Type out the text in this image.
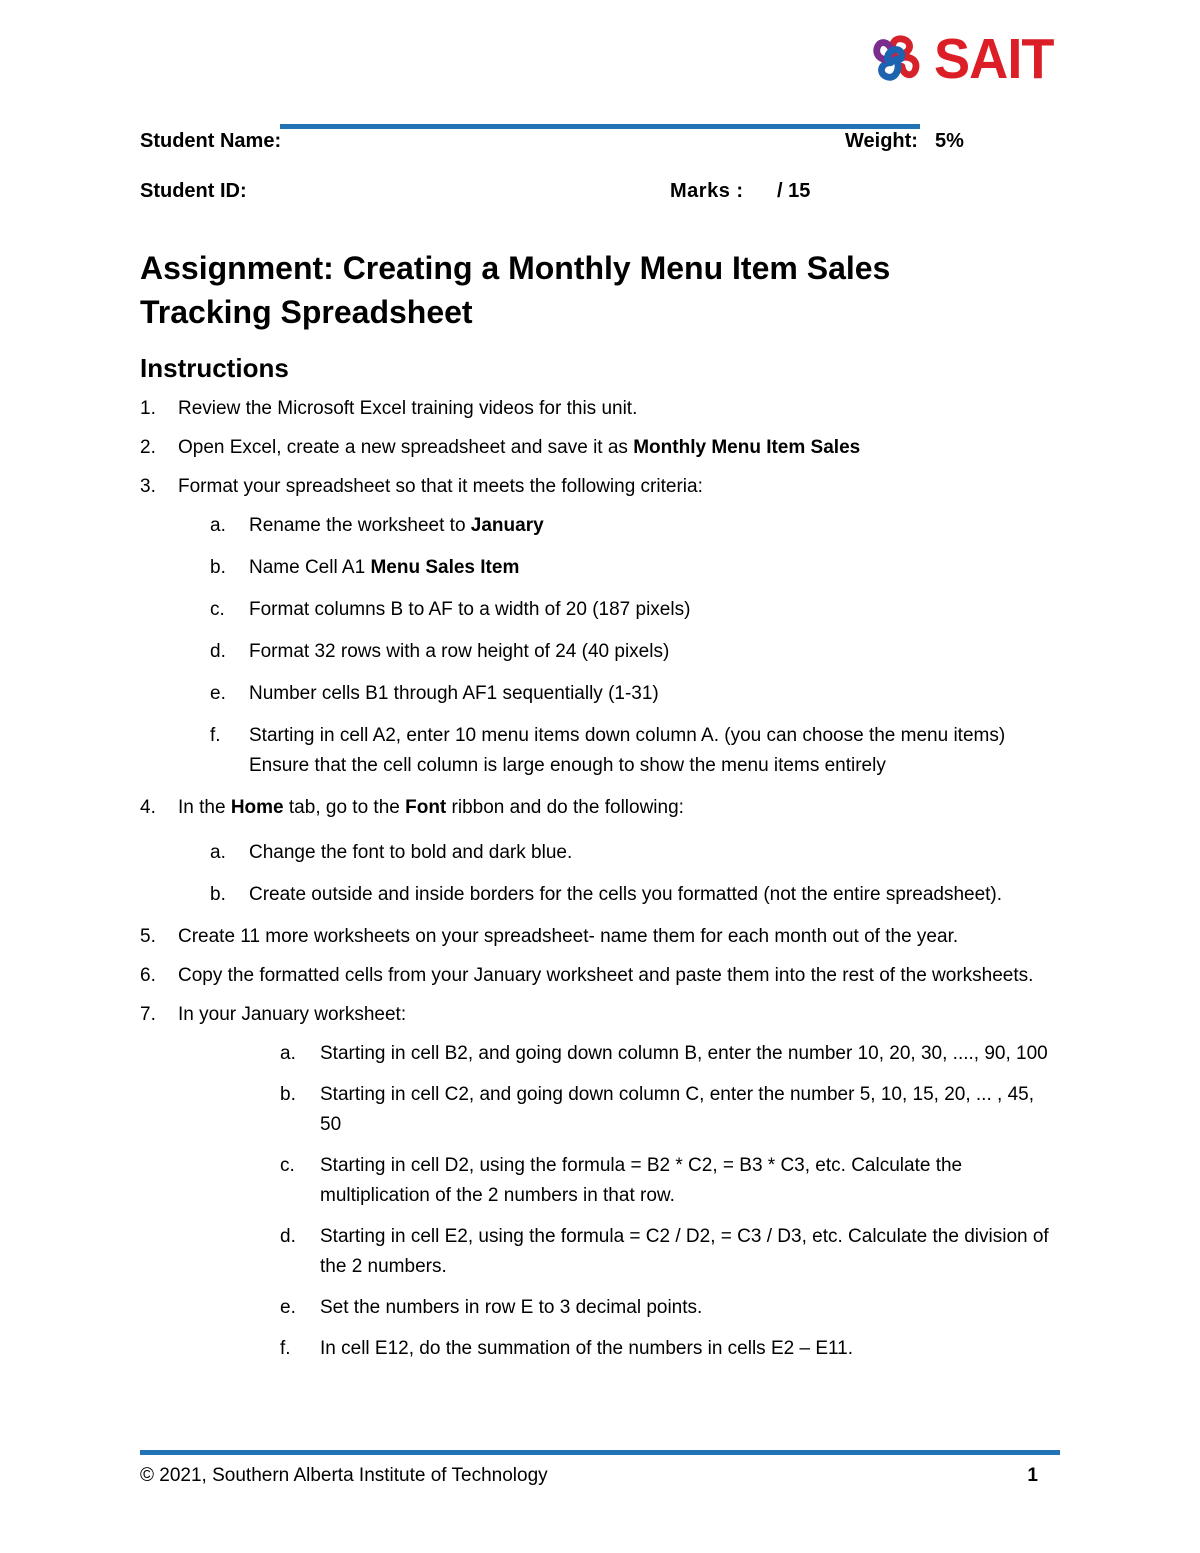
SAIT
Student Name:	Weight: 5%
Student ID:	Marks : / 15
Assignment: Creating a Monthly Menu Item Sales Tracking Spreadsheet
Instructions
1.	Review the Microsoft Excel training videos for this unit.
2.	Open Excel, create a new spreadsheet and save it as Monthly Menu Item Sales
3.	Format your spreadsheet so that it meets the following criteria:
a.	Rename the worksheet to January
b.	Name Cell A1 Menu Sales Item
c.	Format columns B to AF to a width of 20 (187 pixels)
d.	Format 32 rows with a row height of 24 (40 pixels)
e.	Number cells B1 through AF1 sequentially (1-31)
f.	Starting in cell A2, enter 10 menu items down column A. (you can choose the menu items) Ensure that the cell column is large enough to show the menu items entirely
4.	In the Home tab, go to the Font ribbon and do the following:
a.	Change the font to bold and dark blue.
b.	Create outside and inside borders for the cells you formatted (not the entire spreadsheet).
5.	Create 11 more worksheets on your spreadsheet- name them for each month out of the year.
6.	Copy the formatted cells from your January worksheet and paste them into the rest of the worksheets.
7.	In your January worksheet:
a.	Starting in cell B2, and going down column B, enter the number 10, 20, 30, ...., 90, 100
b.	Starting in cell C2, and going down column C, enter the number 5, 10, 15, 20, ... , 45, 50
c.	Starting in cell D2, using the formula = B2 * C2, = B3 * C3, etc. Calculate the multiplication of the 2 numbers in that row.
d.	Starting in cell E2, using the formula = C2 / D2, = C3 / D3, etc. Calculate the division of the 2 numbers.
e.	Set the numbers in row E to 3 decimal points.
f.	In cell E12, do the summation of the numbers in cells E2 – E11.
© 2021, Southern Alberta Institute of Technology	1
